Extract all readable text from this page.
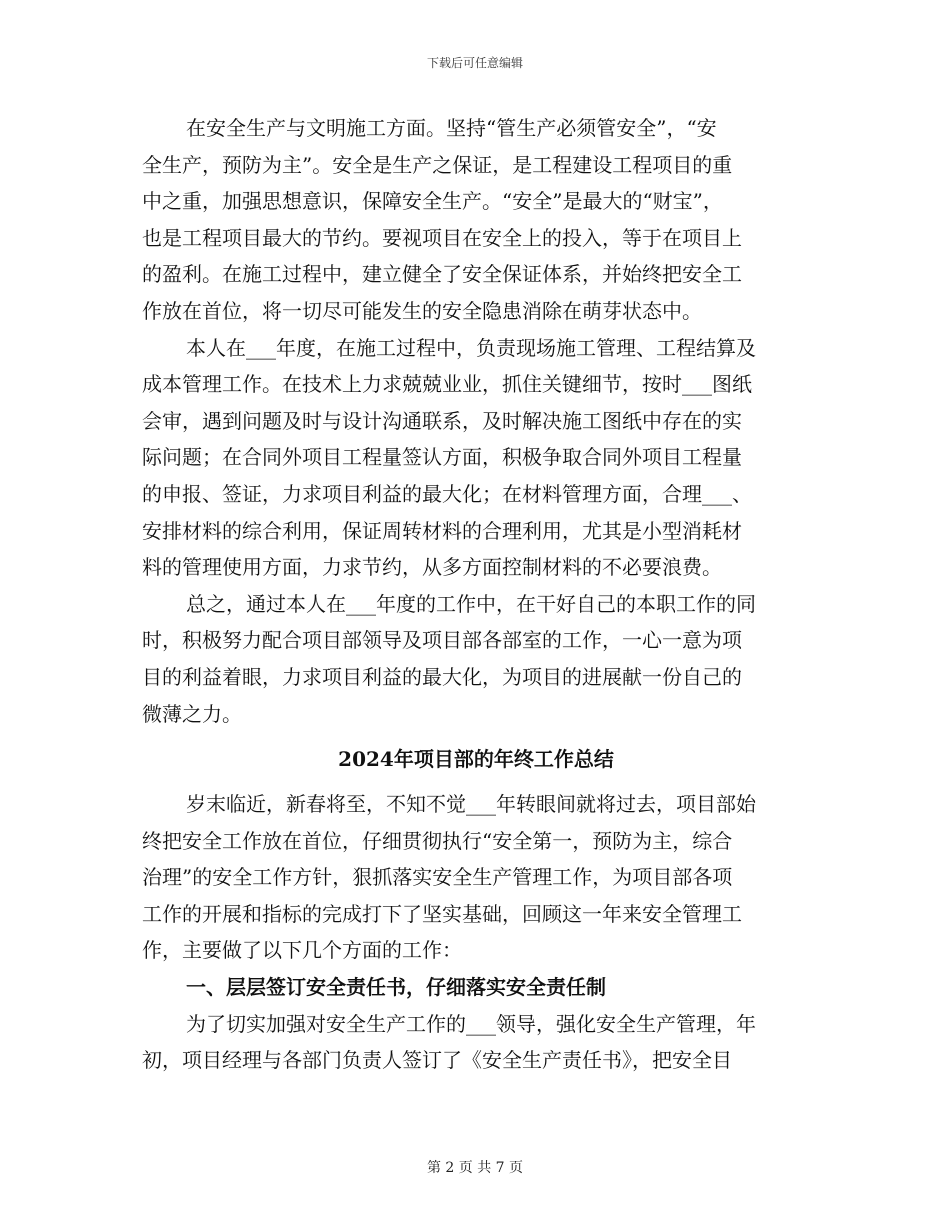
下载后可任意编辑
在安全生产与文明施工方面。坚持“管生产必须管安全”，“安
全生产，预防为主”。安全是生产之保证，是工程建设工程项目的重
中之重，加强思想意识，保障安全生产。“安全”是最大的“财宝”，
也是工程项目最大的节约。要视项目在安全上的投入，等于在项目上
的盈利。在施工过程中，建立健全了安全保证体系，并始终把安全工
作放在首位，将一切尽可能发生的安全隐患消除在萌芽状态中。
本人在___年度，在施工过程中，负责现场施工管理、工程结算及
成本管理工作。在技术上力求兢兢业业，抓住关键细节，按时___图纸
会审，遇到问题及时与设计沟通联系，及时解决施工图纸中存在的实
际问题；在合同外项目工程量签认方面，积极争取合同外项目工程量
的申报、签证，力求项目利益的最大化；在材料管理方面，合理___、
安排材料的综合利用，保证周转材料的合理利用，尤其是小型消耗材
料的管理使用方面，力求节约，从多方面控制材料的不必要浪费。
总之，通过本人在___年度的工作中，在干好自己的本职工作的同
时，积极努力配合项目部领导及项目部各部室的工作，一心一意为项
目的利益着眼，力求项目利益的最大化，为项目的进展献一份自己的
微薄之力。
2024年项目部的年终工作总结
岁末临近，新春将至，不知不觉___年转眼间就将过去，项目部始
终把安全工作放在首位，仔细贯彻执行“安全第一，预防为主，综合
治理”的安全工作方针，狠抓落实安全生产管理工作，为项目部各项
工作的开展和指标的完成打下了坚实基础，回顾这一年来安全管理工
作，主要做了以下几个方面的工作：
一、层层签订安全责任书，仔细落实安全责任制
为了切实加强对安全生产工作的___领导，强化安全生产管理，年
初，项目经理与各部门负责人签订了《安全生产责任书》，把安全目
第 2 页 共 7 页
